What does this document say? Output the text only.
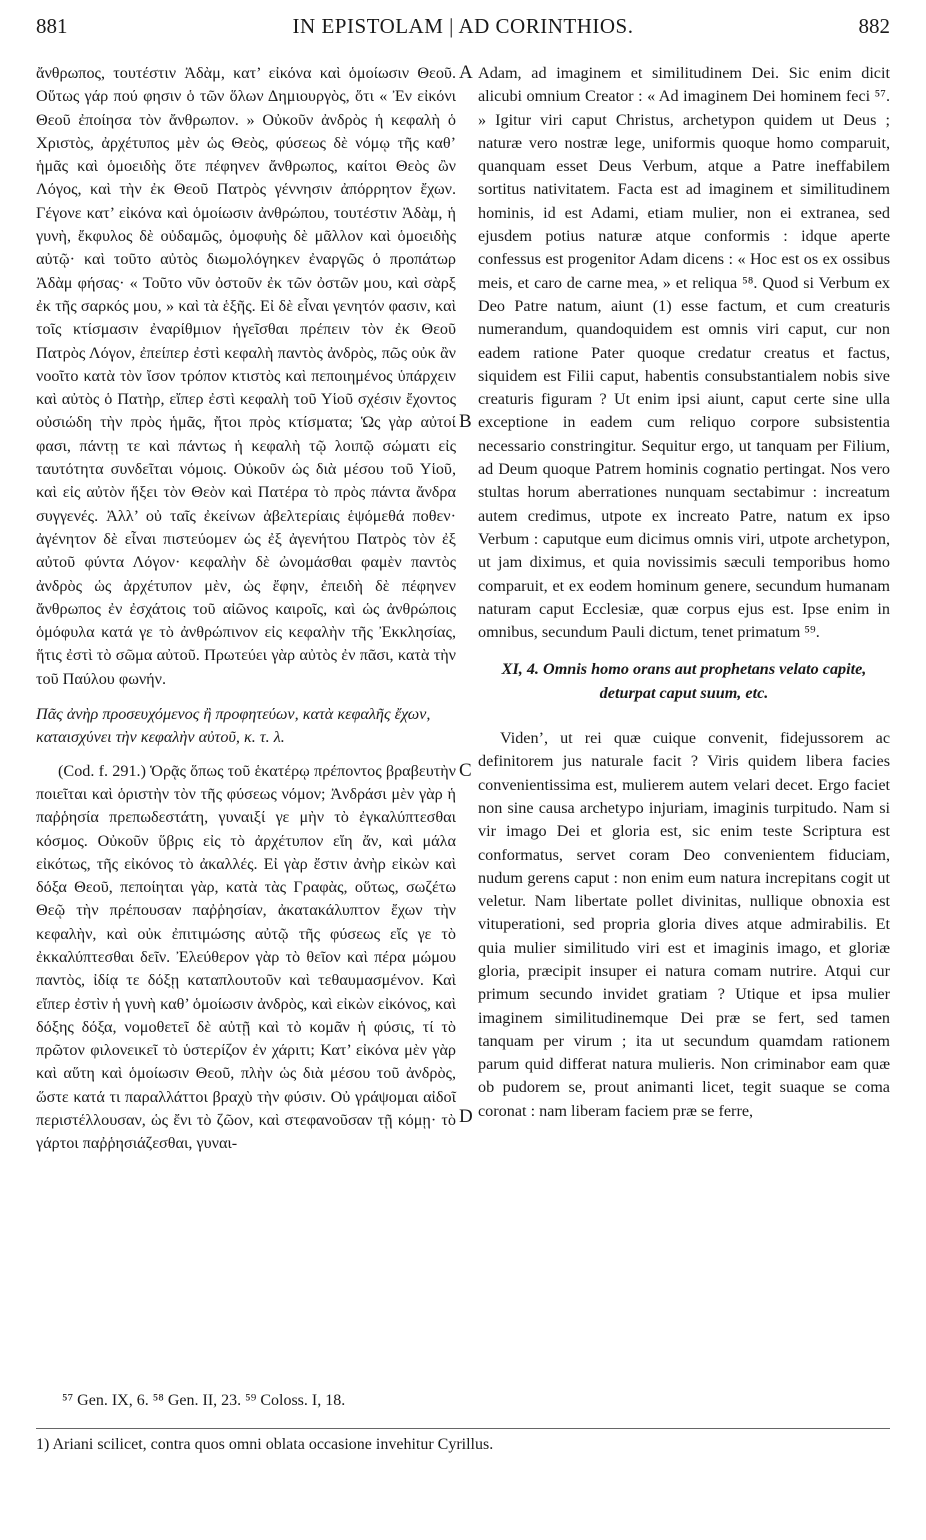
881	IN EPISTOLAM | AD CORINTHIOS.	882

ἄνθρωπος, τουτέστιν Ἀδὰμ, κατ’ εἰκόνα καὶ ὁμοίωσιν Θεοῦ. Οὕτως γάρ πού φησιν ὁ τῶν ὅλων Δημιουργὸς, ὅτι « Ἐν εἰκόνι Θεοῦ ἐποίησα τὸν ἄνθρωπον. » Οὐκοῦν ἀνδρὸς ἡ κεφαλὴ ὁ Χριστὸς, ἀρχέτυπος μὲν ὡς Θεὸς, φύσεως δὲ νόμῳ τῆς καθ’ ἡμᾶς καὶ ὁμοειδὴς ὅτε πέφηνεν ἄνθρωπος, καίτοι Θεὸς ὢν Λόγος, καὶ τὴν ἐκ Θεοῦ Πατρὸς γέννησιν ἀπόρρητον ἔχων. Γέγονε κατ’ εἰκόνα καὶ ὁμοίωσιν ἀνθρώπου, τουτέστιν Ἀδὰμ, ἡ γυνὴ, ἔκφυλος δὲ οὐδαμῶς, ὁμοφυὴς δὲ μᾶλλον καὶ ὁμοειδὴς αὐτῷ· καὶ τοῦτο αὐτὸς διωμολόγηκεν ἐναργῶς ὁ προπάτωρ Ἀδὰμ φήσας· « Τοῦτο νῦν ὀστοῦν ἐκ τῶν ὀστῶν μου, καὶ σὰρξ ἐκ τῆς σαρκός μου, » καὶ τὰ ἑξῆς. Εἰ δὲ εἶναι γενητόν φασιν, καὶ τοῖς κτίσμασιν ἐναρίθμιον ἡγεῖσθαι πρέπειν τὸν ἐκ Θεοῦ Πατρὸς Λόγον, ἐπείπερ ἐστὶ κεφαλὴ παντὸς ἀνδρὸς, πῶς οὐκ ἂν νοοῖτο κατὰ τὸν ἴσον τρόπον κτιστὸς καὶ πεποιημένος ὑπάρχειν καὶ αὐτὸς ὁ Πατὴρ, εἴπερ ἐστὶ κεφαλὴ τοῦ Υἱοῦ σχέσιν ἔχοντος οὐσιώδη τὴν πρὸς ἡμᾶς, ἤτοι πρὸς κτίσματα; Ὡς γὰρ αὐτοί φασι, πάντῃ τε καὶ πάντως ἡ κεφαλὴ τῷ λοιπῷ σώματι εἰς ταυτότητα συνδεῖται νόμοις. Οὐκοῦν ὡς διὰ μέσου τοῦ Υἱοῦ, καὶ εἰς αὐτὸν ἥξει τὸν Θεὸν καὶ Πατέρα τὸ πρὸς πάντα ἄνδρα συγγενές. Ἀλλ’ οὐ ταῖς ἐκείνων ἀβελτερίαις ἑψόμεθά ποθεν· ἀγένητον δὲ εἶναι πιστεύομεν ὡς ἐξ ἀγενήτου Πατρὸς τὸν ἐξ αὐτοῦ φύντα Λόγον· κεφαλὴν δὲ ὠνομάσθαι φαμὲν παντὸς ἀνδρὸς ὡς ἀρχέτυπον μὲν, ὡς ἔφην, ἐπειδὴ δὲ πέφηνεν ἄνθρωπος ἐν ἐσχάτοις τοῦ αἰῶνος καιροῖς, καὶ ὡς ἀνθρώποις ὁμόφυλα κατά γε τὸ ἀνθρώπινον εἰς κεφαλὴν τῆς Ἐκκλησίας, ἥτις ἐστὶ τὸ σῶμα αὐτοῦ. Πρωτεύει γὰρ αὐτὸς ἐν πᾶσι, κατὰ τὴν τοῦ Παύλου φωνήν.

Πᾶς ἀνὴρ προσευχόμενος ἢ προφητεύων, κατὰ κεφαλῆς ἔχων, καταισχύνει τὴν κεφαλὴν αὐτοῦ, κ. τ. λ.

(Cod. f. 291.) Ὁρᾷς ὅπως τοῦ ἑκατέρῳ πρέποντος βραβευτὴν ποιεῖται καὶ ὁριστὴν τὸν τῆς φύσεως νόμον; Ἀνδράσι μὲν γὰρ ἡ παῤῥησία πρεπωδεστάτη, γυναιξί γε μὴν τὸ ἐγκαλύπτεσθαι κόσμος. Οὐκοῦν ὕβρις εἰς τὸ ἀρχέτυπον εἴη ἄν, καὶ μάλα εἰκότως, τῆς εἰκόνος τὸ ἀκαλλές. Εἰ γὰρ ἔστιν ἀνὴρ εἰκὼν καὶ δόξα Θεοῦ, πεποίηται γὰρ, κατὰ τὰς Γραφὰς, οὕτως, σωζέτω Θεῷ τὴν πρέπουσαν παῤῥησίαν, ἀκατακάλυπτον ἔχων τὴν κεφαλὴν, καὶ οὐκ ἐπιτιμώσης αὐτῷ τῆς φύσεως εἴς γε τὸ ἐκκαλύπτεσθαι δεῖν. Ἐλεύθερον γὰρ τὸ θεῖον καὶ πέρα μώμου παντὸς, ἰδίᾳ τε δόξῃ καταπλουτοῦν καὶ τεθαυμασμένον. Καὶ εἴπερ ἐστὶν ἡ γυνὴ καθ’ ὁμοίωσιν ἀνδρὸς, καὶ εἰκὼν εἰκόνος, καὶ δόξης δόξα, νομοθετεῖ δὲ αὐτῇ καὶ τὸ κομᾶν ἡ φύσις, τί τὸ πρῶτον φιλονεικεῖ τὸ ὑστερίζον ἐν χάριτι; Κατ’ εἰκόνα μὲν γὰρ καὶ αὕτη καὶ ὁμοίωσιν Θεοῦ, πλὴν ὡς διὰ μέσου τοῦ ἀνδρὸς, ὥστε κατά τι παραλλάττοι βραχὺ τὴν φύσιν. Οὐ γράψομαι αἰδοῖ περιστέλλουσαν, ὡς ἔνι τὸ ζῶον, καὶ στεφανοῦσαν τῇ κόμῃ· τὸ γάρτοι παῤῥησιάζεσθαι, γυναι-

A
B
C
D

Adam, ad imaginem et similitudinem Dei. Sic enim dicit alicubi omnium Creator : « Ad imaginem Dei hominem feci ⁵⁷. » Igitur viri caput Christus, archetypon quidem ut Deus ; naturæ vero nostræ lege, uniformis quoque homo comparuit, quanquam esset Deus Verbum, atque a Patre ineffabilem sortitus nativitatem. Facta est ad imaginem et similitudinem hominis, id est Adami, etiam mulier, non ei extranea, sed ejusdem potius naturæ atque conformis : idque aperte confessus est progenitor Adam dicens : « Hoc est os ex ossibus meis, et caro de carne mea, » et reliqua ⁵⁸. Quod si Verbum ex Deo Patre natum, aiunt (1) esse factum, et cum creaturis numerandum, quandoquidem est omnis viri caput, cur non eadem ratione Pater quoque credatur creatus et factus, siquidem est Filii caput, habentis consubstantialem nobis sive creaturis figuram ? Ut enim ipsi aiunt, caput certe sine ulla exceptione in eadem cum reliquo corpore subsistentia necessario constringitur. Sequitur ergo, ut tanquam per Filium, ad Deum quoque Patrem hominis cognatio pertingat. Nos vero stultas horum aberrationes nunquam sectabimur : increatum autem credimus, utpote ex increato Patre, natum ex ipso Verbum : caputque eum dicimus omnis viri, utpote archetypon, ut jam diximus, et quia novissimis sæculi temporibus homo comparuit, et ex eodem hominum genere, secundum humanam naturam caput Ecclesiæ, quæ corpus ejus est. Ipse enim in omnibus, secundum Pauli dictum, tenet primatum ⁵⁹.

XI, 4. Omnis homo orans aut prophetans velato capite, deturpat caput suum, etc.

Viden’, ut rei quæ cuique convenit, fidejussorem ac definitorem jus naturale facit ? Viris quidem libera facies convenientissima est, mulierem autem velari decet. Ergo faciet non sine causa archetypo injuriam, imaginis turpitudo. Nam si vir imago Dei et gloria est, sic enim teste Scriptura est conformatus, servet coram Deo convenientem fiduciam, nudum gerens caput : non enim eum natura increpitans cogit ut veletur. Nam libertate pollet divinitas, nullique obnoxia est vituperationi, sed propria gloria dives atque admirabilis. Et quia mulier similitudo viri est et imaginis imago, et gloriæ gloria, præcipit insuper ei natura comam nutrire. Atqui cur primum secundo invidet gratiam ? Utique et ipsa mulier imaginem similitudinemque Dei præ se fert, sed tamen tanquam per virum ; ita ut secundum quamdam rationem parum quid differat natura mulieris. Non criminabor eam quæ ob pudorem se, prout animanti licet, tegit suaque se coma coronat : nam liberam faciem præ se ferre,

⁵⁷ Gen. IX, 6. ⁵⁸ Gen. II, 23. ⁵⁹ Coloss. I, 18.
1) Ariani scilicet, contra quos omni oblata occasione invehitur Cyrillus.
